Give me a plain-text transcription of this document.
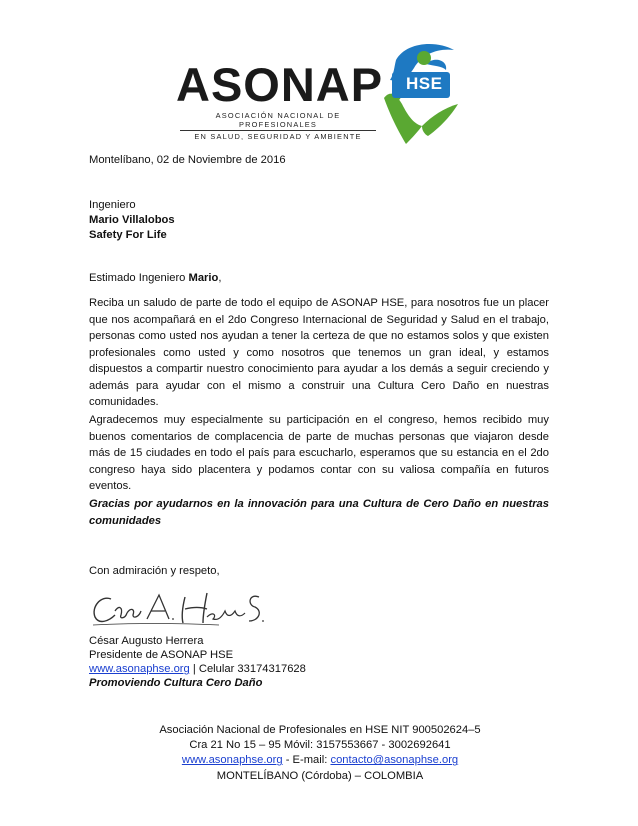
ASONAP
ASOCIACIÓN NACIONAL DE PROFESIONALES
EN SALUD, SEGURIDAD Y AMBIENTE
HSE
Montelíbano, 02 de Noviembre de 2016
Ingeniero
Mario Villalobos
Safety For Life
Estimado Ingeniero Mario,
Reciba un saludo de parte de todo el equipo de ASONAP HSE, para nosotros fue un placer que nos acompañará en el 2do Congreso Internacional de Seguridad y Salud en el trabajo, personas como usted nos ayudan a tener la certeza de que no estamos solos y que existen profesionales como usted y como nosotros que tenemos un gran ideal, y estamos dispuestos a compartir nuestro conocimiento para ayudar a los demás a seguir creciendo y además para ayudar con el mismo a construir una Cultura Cero Daño en nuestras comunidades.
Agradecemos muy especialmente su participación en el congreso, hemos recibido muy buenos comentarios de complacencia de parte de muchas personas que viajaron desde más de 15 ciudades en todo el país para escucharlo, esperamos que su estancia en el 2do congreso haya sido placentera y podamos contar con su valiosa compañía en futuros eventos.
Gracias por ayudarnos en la innovación para una Cultura de Cero Daño en nuestras comunidades
Con admiración y respeto,
César Augusto Herrera
Presidente de ASONAP HSE
www.asonaphse.org | Celular 33174317628
Promoviendo Cultura Cero Daño
Asociación Nacional de Profesionales en HSE NIT 900502624–5
Cra 21 No 15 – 95 Móvil: 3157553667 - 3002692641
www.asonaphse.org - E-mail: contacto@asonaphse.org
MONTELÍBANO (Córdoba) – COLOMBIA
